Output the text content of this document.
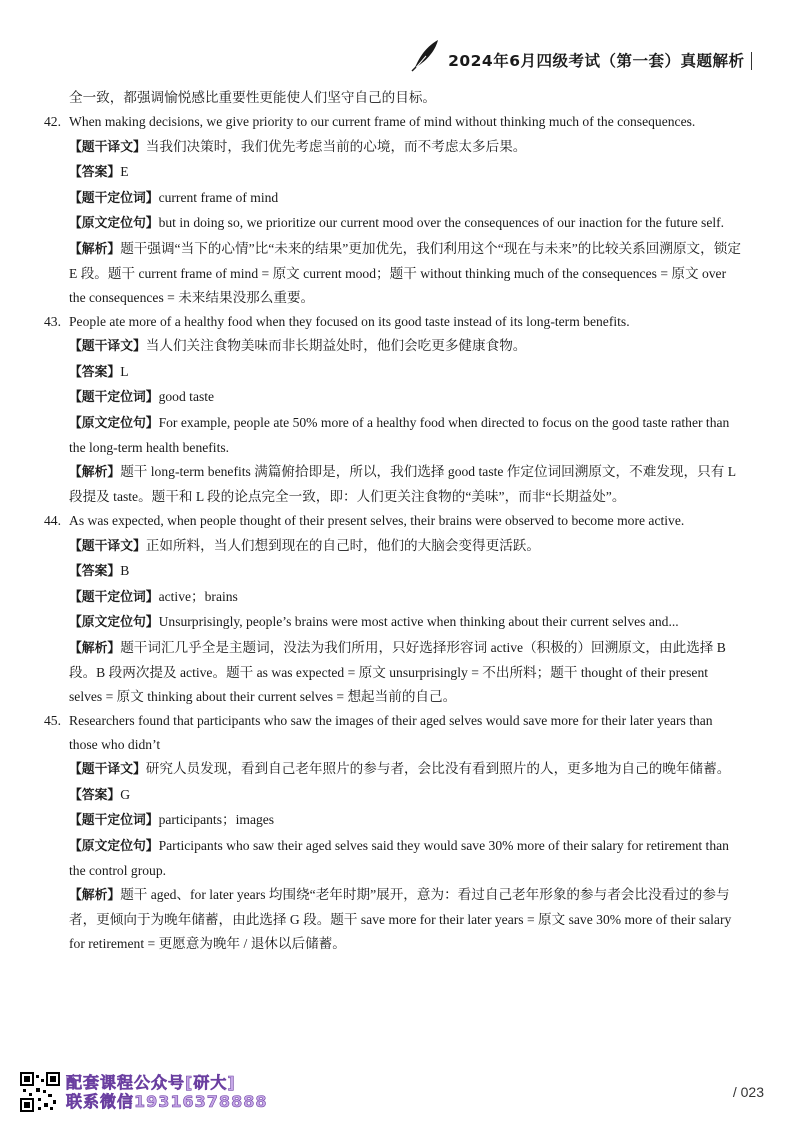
2024年6月四级考试（第一套）真题解析
全一致，都强调愉悦感比重要性更能使人们坚守自己的目标。
42. When making decisions, we give priority to our current frame of mind without thinking much of the consequences.
【题干译文】当我们决策时，我们优先考虑当前的心境，而不考虑太多后果。
【答案】E
【题干定位词】current frame of mind
【原文定位句】but in doing so, we prioritize our current mood over the consequences of our inaction for the future self.
【解析】题干强调“当下的心情”比“未来的结果”更加优先，我们利用这个“现在与未来”的比较关系回溯原文，锁定 E 段。题干 current frame of mind = 原文 current mood；题干 without thinking much of the consequences = 原文 over the consequences = 未来结果没那么重要。
43. People ate more of a healthy food when they focused on its good taste instead of its long-term benefits.
【题干译文】当人们关注食物美味而非长期益处时，他们会吃更多健康食物。
【答案】L
【题干定位词】good taste
【原文定位句】For example, people ate 50% more of a healthy food when directed to focus on the good taste rather than the long-term health benefits.
【解析】题干 long-term benefits 满篇俯拾即是，所以，我们选择 good taste 作定位词回溯原文，不难发现，只有 L 段提及 taste。题干和 L 段的论点完全一致，即：人们更关注食物的“美味”，而非“长期益处”。
44. As was expected, when people thought of their present selves, their brains were observed to become more active.
【题干译文】正如所料，当人们想到现在的自己时，他们的大脑会变得更活跃。
【答案】B
【题干定位词】active；brains
【原文定位句】Unsurprisingly, people’s brains were most active when thinking about their current selves and...
【解析】题干词汇几乎全是主题词，没法为我们所用，只好选择形容词 active（积极的）回溯原文，由此选择 B 段。B 段两次提及 active。题干 as was expected = 原文 unsurprisingly = 不出所料；题干 thought of their present selves = 原文 thinking about their current selves = 想起当前的自己。
45. Researchers found that participants who saw the images of their aged selves would save more for their later years than those who didn’t
【题干译文】研究人员发现，看到自己老年照片的参与者，会比没有看到照片的人，更多地为自己的晚年储蓄。
【答案】G
【题干定位词】participants；images
【原文定位句】Participants who saw their aged selves said they would save 30% more of their salary for retirement than the control group.
【解析】题干 aged、for later years 均围绕“老年时期”展开，意为：看过自己老年形象的参与者会比没看过的参与者，更倾向于为晚年储蓄，由此选择 G 段。题干 save more for their later years = 原文 save 30% more of their salary for retirement = 更愿意为晚年 / 退休以后储蓄。
配套课程公众号[研大]
联系微信19316378888	/ 023
